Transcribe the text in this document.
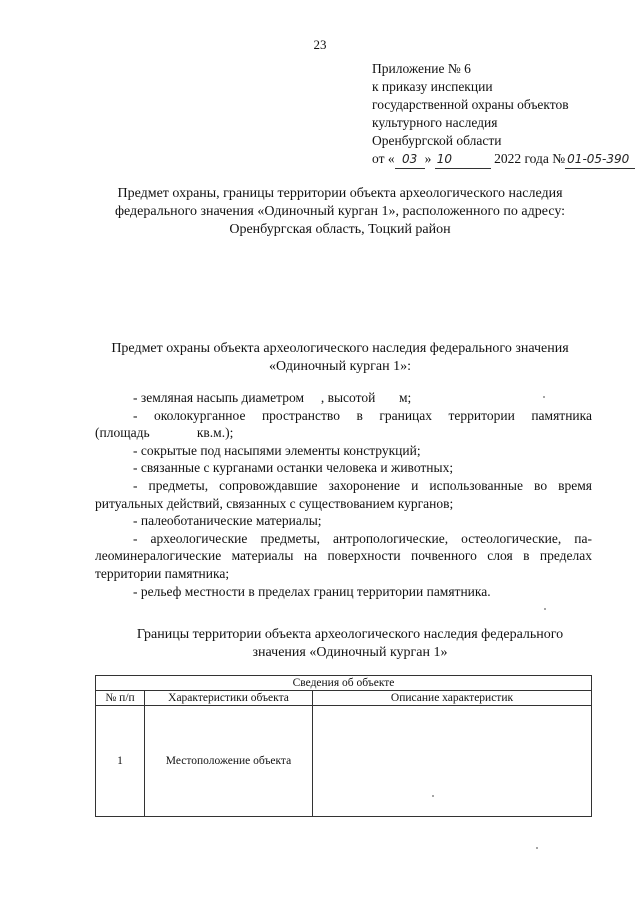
23
Приложение № 6
к приказу инспекции
государственной охраны объектов
культурного наследия
Оренбургской области
от « 03 » 10	2022 года № 01-05-390
Предмет охраны, границы территории объекта археологического наследия
федерального значения «Одиночный курган 1», расположенного по адресу:
Оренбургская область, Тоцкий район
Предмет охраны объекта археологического наследия федерального значения
«Одиночный курган 1»:

- земляная насыпь диаметром     , высотой       м;

- околокурганное пространство в границах территории памятника

(площадь              кв.м.);

- сокрытые под насыпями элементы конструкций;

- связанные с курганами останки человека и животных;

- предметы, сопровождавшие захоронение и использованные во время

ритуальных действий, связанных с существованием курганов;

- палеоботанические материалы;

- археологические предметы, антропологические, остеологические, па-

леоминералогические материалы на поверхности почвенного слоя в пределах

территории памятника;

- рельеф местности в пределах границ территории памятника.

Границы территории объекта археологического наследия федерального
значения «Одиночный курган 1»
Сведения об объекте		
№ п/п	Характеристики объекта	Описание характеристик
1	Местоположение объекта	
